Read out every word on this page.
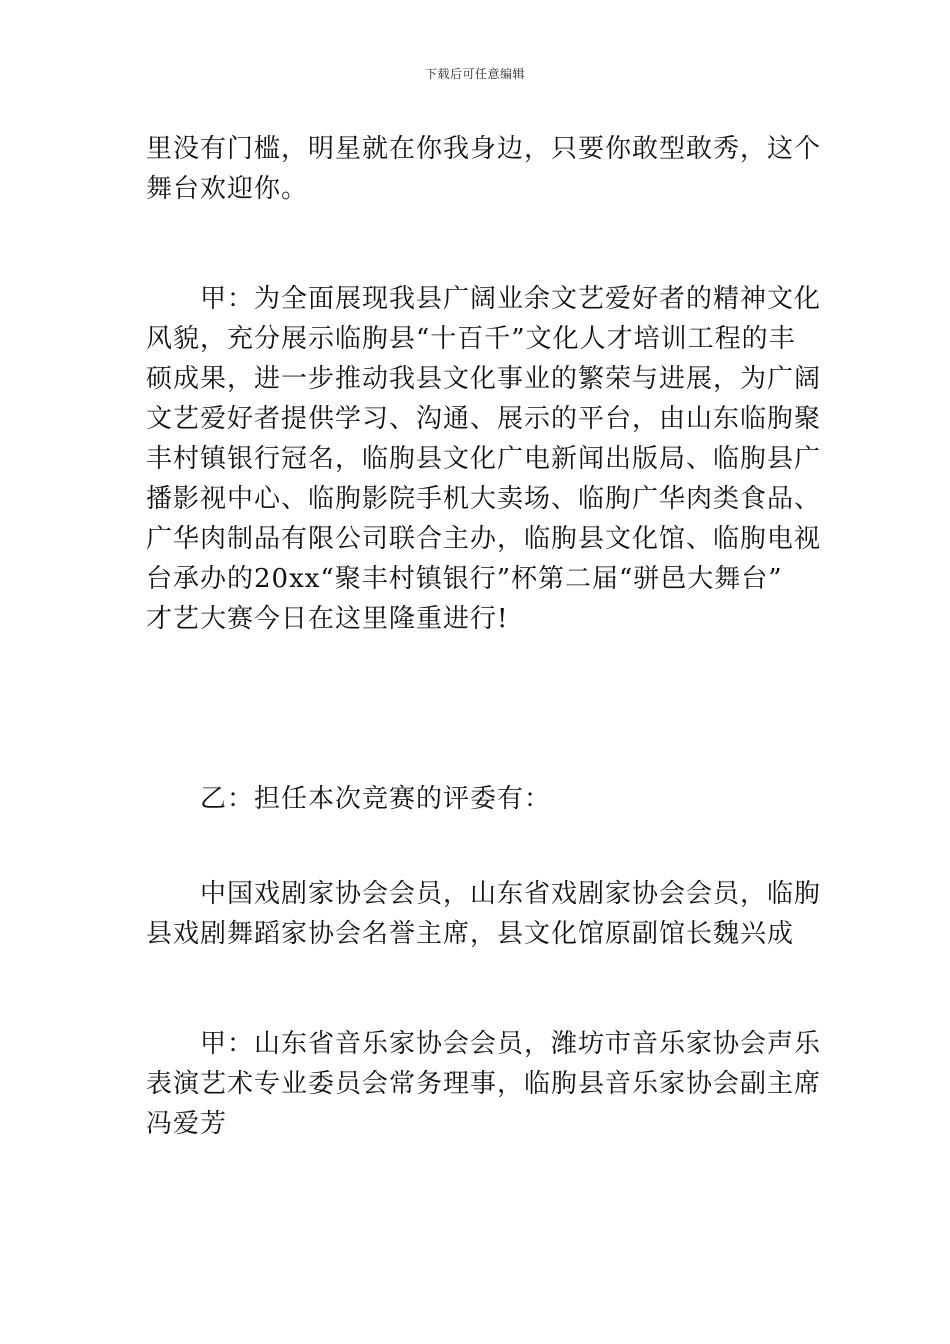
下载后可任意编辑
里没有门槛，明星就在你我身边，只要你敢型敢秀，这个
舞台欢迎你。
甲：为全面展现我县广阔业余文艺爱好者的精神文化
风貌，充分展示临朐县“十百千”文化人才培训工程的丰
硕成果，进一步推动我县文化事业的繁荣与进展，为广阔
文艺爱好者提供学习、沟通、展示的平台，由山东临朐聚
丰村镇银行冠名，临朐县文化广电新闻出版局、临朐县广
播影视中心、临朐影院手机大卖场、临朐广华肉类食品、
广华肉制品有限公司联合主办，临朐县文化馆、临朐电视
台承办的20xx“聚丰村镇银行”杯第二届“骈邑大舞台”
才艺大赛今日在这里隆重进行!
乙：担任本次竞赛的评委有：
中国戏剧家协会会员，山东省戏剧家协会会员，临朐
县戏剧舞蹈家协会名誉主席，县文化馆原副馆长魏兴成
甲：山东省音乐家协会会员，潍坊市音乐家协会声乐
表演艺术专业委员会常务理事，临朐县音乐家协会副主席
冯爱芳
